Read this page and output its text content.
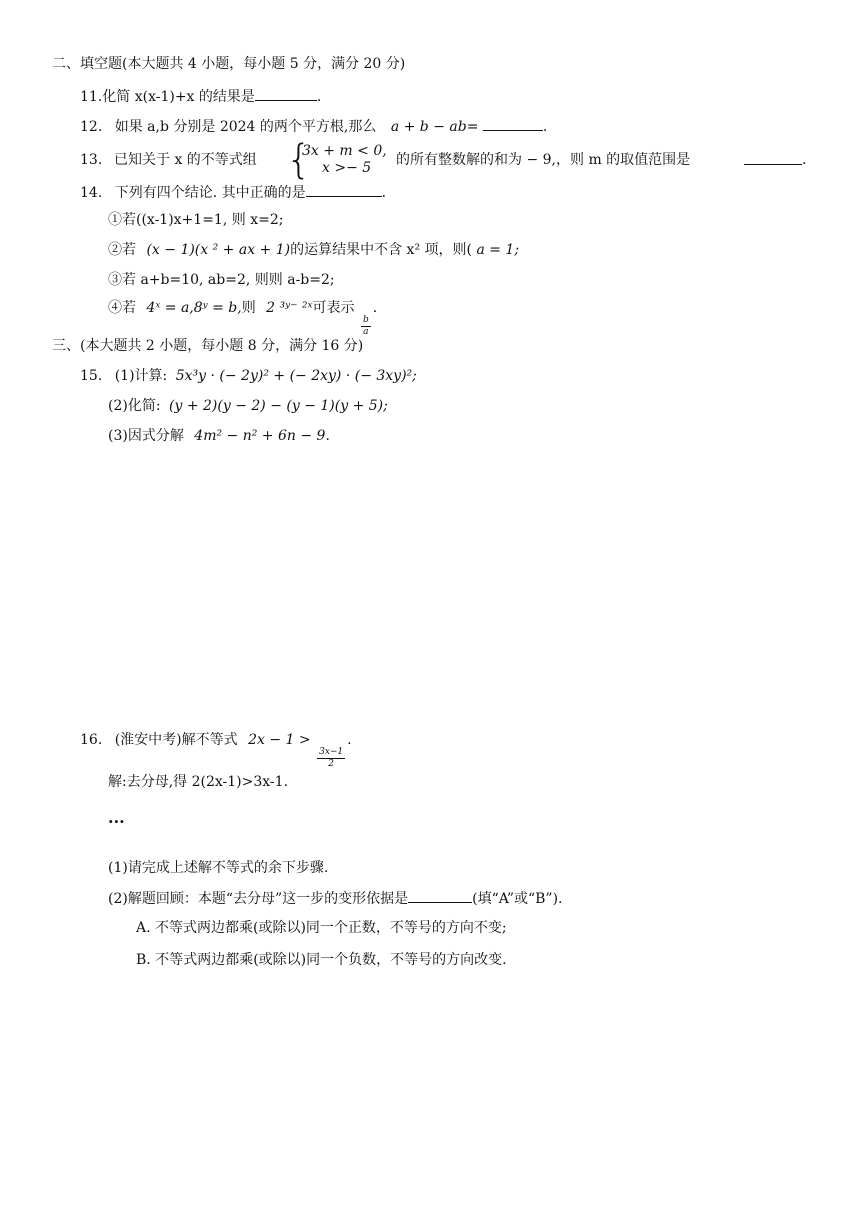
二、填空题(本大题共 4 小题，每小题 5 分，满分 20 分)
11.化简 x(x-1)+x 的结果是	.
12. 如果 a,b 分别是 2024 的两个平方根,那么 a + b − ab=	.
13. 已知关于 x 的不等式组 {
3x + m < 0,
x >− 5 的所有整数解的和为 − 9,，则 m 的取值范围是	.
14. 下列有四个结论. 其中正确的是	.
①若((x-1)x+1=1, 则 x=2;
②若 (x − 1)(x ² + ax + 1)的运算结果中不含 x² 项，则( a = 1;
③若 a+b=10, ab=2, 则则 a-b=2;
④若 4ˣ = a,8ʸ = b,则 2 ³ʸ⁻ ²ˣ可表示
$\frac{b}{a}$
.
三、(本大题共 2 小题，每小题 8 分，满分 16 分)
15. (1)计算: 5x³y · (− 2y)² + (− 2xy) · (− 3xy)²;
(2)化简: (y + 2)(y − 2) − (y − 1)(y + 5);
(3)因式分解 4m² − n² + 6n − 9.
16. (淮安中考)解不等式 2x − 1 >
$\frac{3x-1}{2}$
.
解:去分母,得 2(2x-1)>3x-1.
···
(1)请完成上述解不等式的余下步骤.
(2)解题回顾：本题“去分母”这一步的变形依据是	(填“A”或“B”).
A. 不等式两边都乘(或除以)同一个正数，不等号的方向不变;
B. 不等式两边都乘(或除以)同一个负数，不等号的方向改变.
